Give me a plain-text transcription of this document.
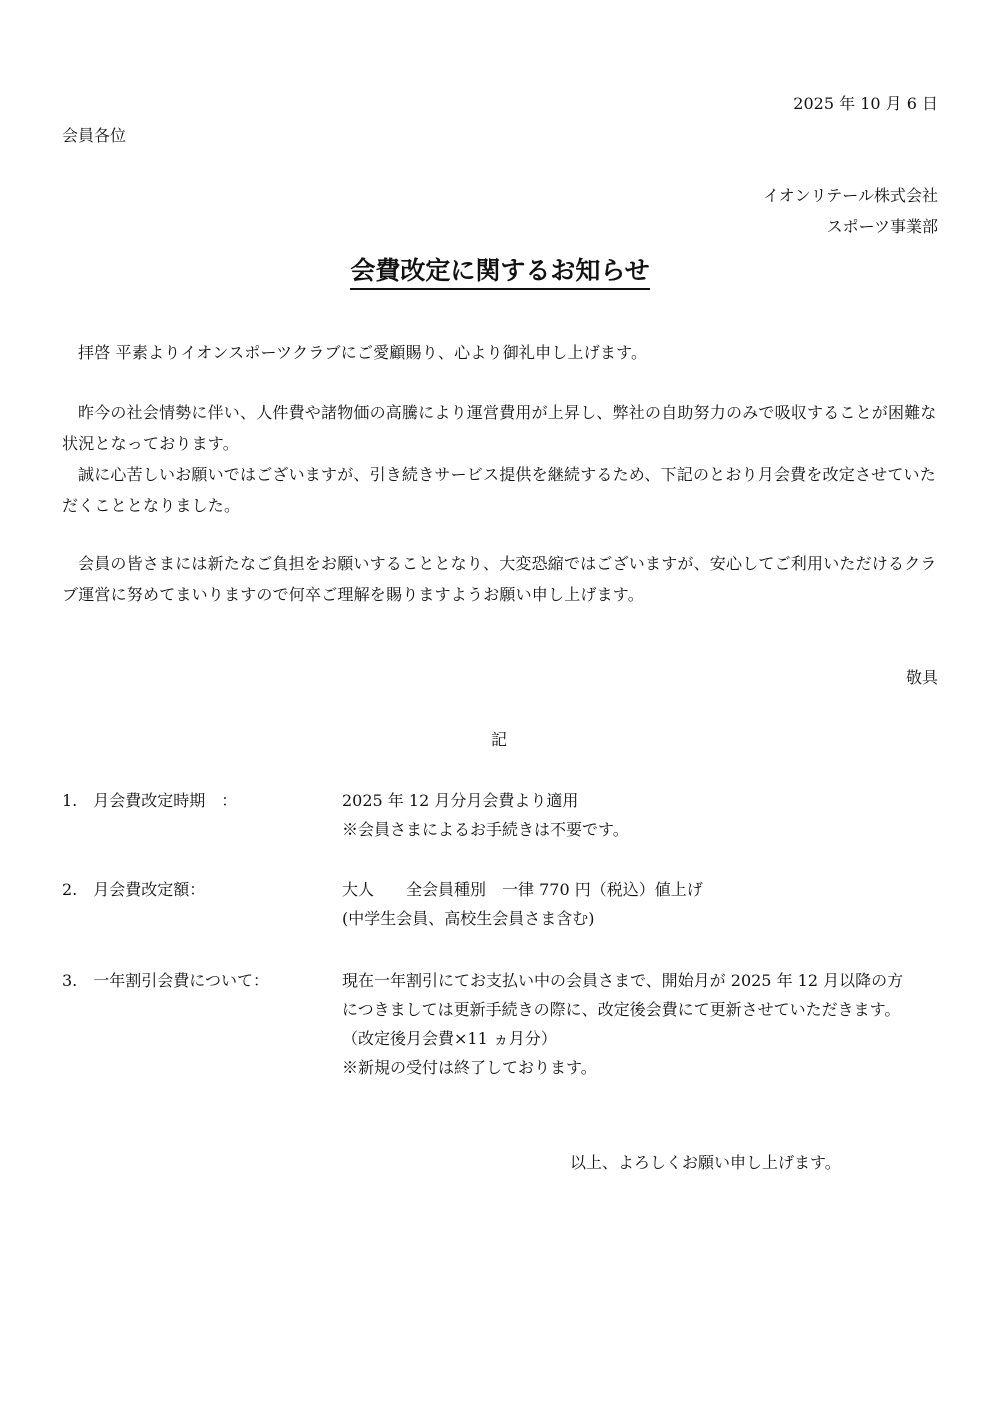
2025 年 10 月 6 日
会員各位
イオンリテール株式会社
スポーツ事業部
会費改定に関するお知らせ

拝啓 平素よりイオンスポーツクラブにご愛顧賜り、心より御礼申し上げます。

昨今の社会情勢に伴い、人件費や諸物価の高騰により運営費用が上昇し、弊社の自助努力のみで吸収することが困難な状況となっております。

誠に心苦しいお願いではございますが、引き続きサービス提供を継続するため、下記のとおり月会費を改定させていただくこととなりました。

会員の皆さまには新たなご負担をお願いすることとなり、大変恐縮ではございますが、安心してご利用いただけるクラブ運営に努めてまいりますので何卒ご理解を賜りますようお願い申し上げます。

敬具
記
1.　月会費改定時期　：	2025 年 12 月分月会費より適用
※会員さまによるお手続きは不要です。
2.　月会費改定額：	大人　　全会員種別　一律 770 円（税込）値上げ
(中学生会員、高校生会員さま含む)
3.　一年割引会費について：	現在一年割引にてお支払い中の会員さまで、開始月が 2025 年 12 月以降の方
につきましては更新手続きの際に、改定後会費にて更新させていただきます。
（改定後月会費×11 ヵ月分）
※新規の受付は終了しております。
以上、よろしくお願い申し上げます。
